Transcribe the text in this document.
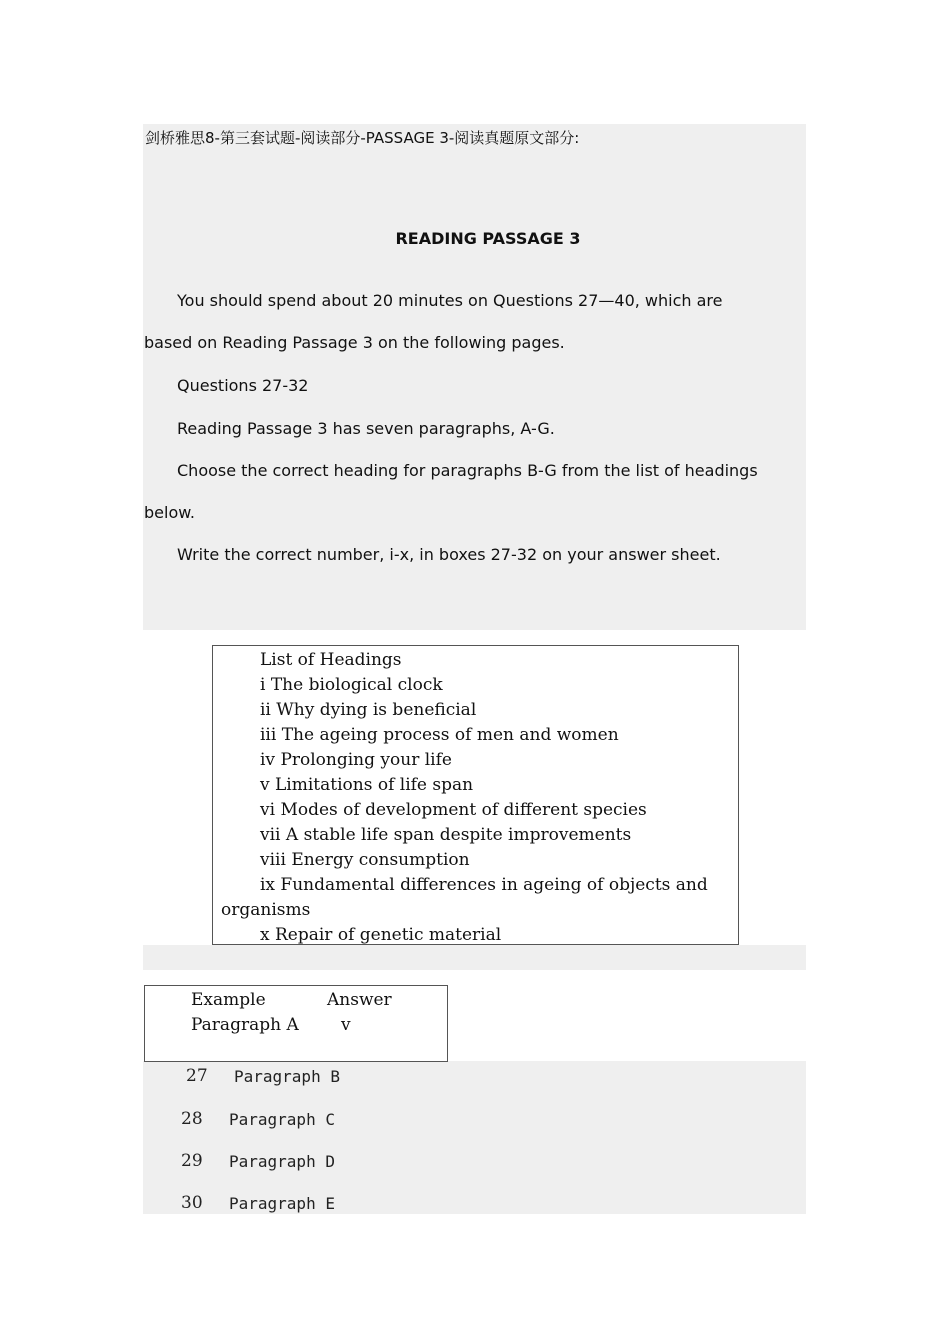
剑桥雅思8-第三套试题-阅读部分-PASSAGE 3-阅读真题原文部分:
READING PASSAGE 3
You should spend about 20 minutes on Questions 27—40, which are
based on Reading Passage 3 on the following pages.
Questions 27-32
Reading Passage 3 has seven paragraphs, A-G.
Choose the correct heading for paragraphs B-G from the list of headings
below.
Write the correct number, i-x, in boxes 27-32 on your answer sheet.
List of Headings
i The biological clock
ii Why dying is beneficial
iii The ageing process of men and women
iv Prolonging your life
v Limitations of life span
vi Modes of development of different species
vii A stable life span despite improvements
viii Energy consumption
ix Fundamental differences in ageing of objects and
organisms
x Repair of genetic material
Example	Answer
Paragraph A v
27 Paragraph B
28 Paragraph C
29 Paragraph D
30 Paragraph E
